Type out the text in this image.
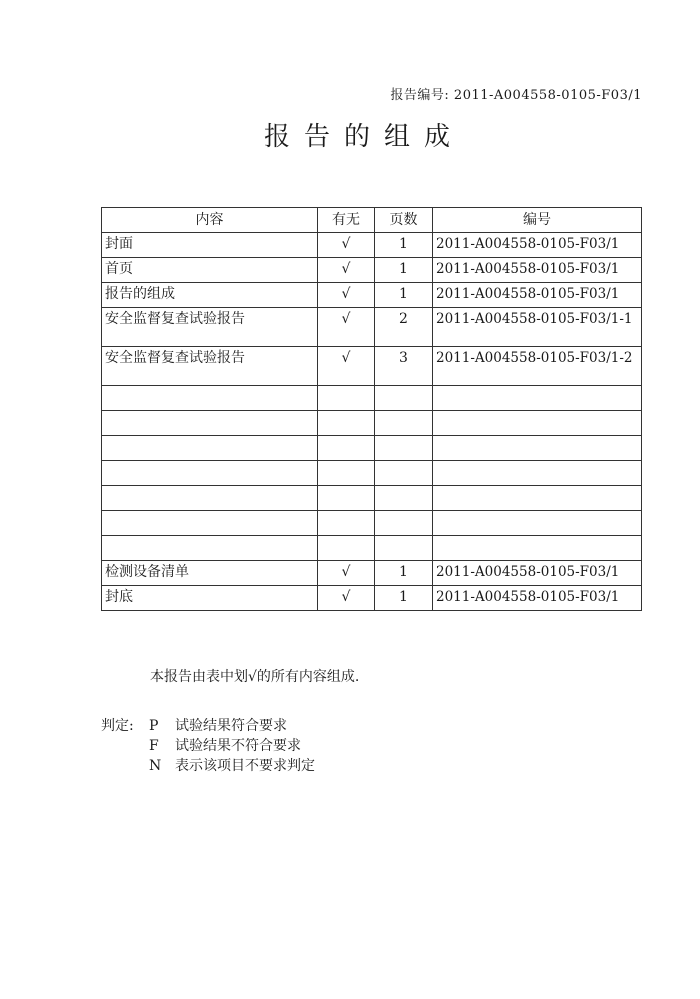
报告编号: 2011-A004558-0105-F03/1
报告的组成
内容	有无	页数	编号
封面	√	1	2011-A004558-0105-F03/1
首页	√	1	2011-A004558-0105-F03/1
报告的组成	√	1	2011-A004558-0105-F03/1
安全监督复查试验报告	√	2	2011-A004558-0105-F03/1-1
安全监督复查试验报告	√	3	2011-A004558-0105-F03/1-2

检测设备清单	√	1	2011-A004558-0105-F03/1
封底	√	1	2011-A004558-0105-F03/1
本报告由表中划√的所有内容组成.
判定:	P	试验结果符合要求
F	试验结果不符合要求
N 表示该项目不要求判定
